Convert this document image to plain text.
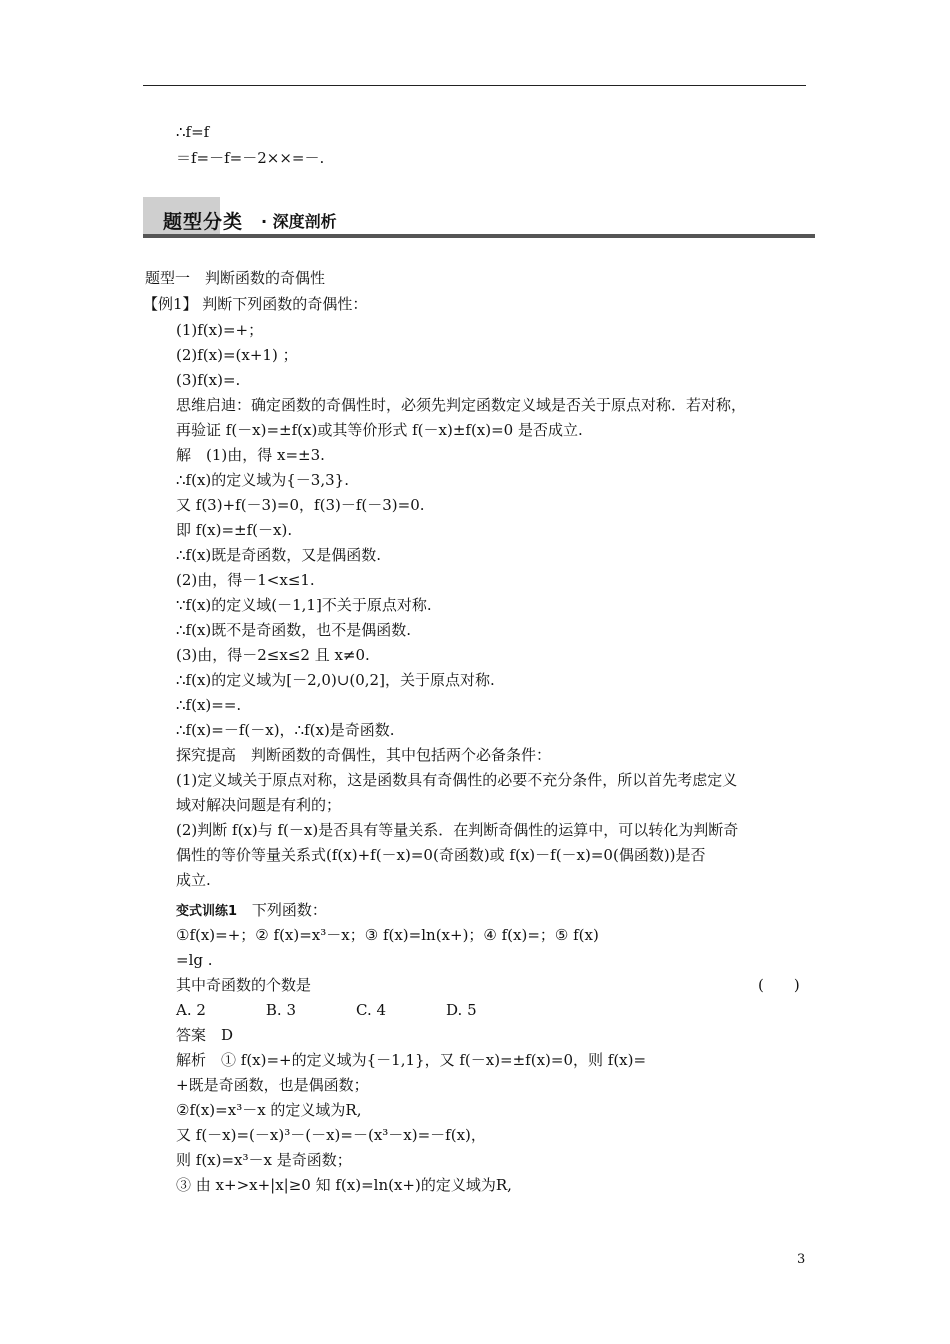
题型分类 · 深度剖析
∴f=f
＝f=－f=－2××=－.
题型一　判断函数的奇偶性
【例1】 判断下列函数的奇偶性：
(1)f(x)=+；
(2)f(x)=(x+1) ；
(3)f(x)=.
思维启迪：确定函数的奇偶性时，必须先判定函数定义域是否关于原点对称．若对称，
再验证 f(－x)=±f(x)或其等价形式 f(－x)±f(x)=0 是否成立.
解　(1)由，得 x=±3.
∴f(x)的定义域为{－3,3}.
又 f(3)+f(－3)=0，f(3)－f(－3)=0.
即 f(x)=±f(－x).
∴f(x)既是奇函数，又是偶函数.
(2)由，得－1<x≤1.
∵f(x)的定义域(－1,1]不关于原点对称.
∴f(x)既不是奇函数，也不是偶函数.
(3)由，得－2≤x≤2 且 x≠0.
∴f(x)的定义域为[－2,0)∪(0,2]，关于原点对称.
∴f(x)==.
∴f(x)=－f(－x)，∴f(x)是奇函数.
探究提高　判断函数的奇偶性，其中包括两个必备条件：
(1)定义域关于原点对称，这是函数具有奇偶性的必要不充分条件，所以首先考虑定义
域对解决问题是有利的；
(2)判断 f(x)与 f(－x)是否具有等量关系．在判断奇偶性的运算中，可以转化为判断奇
偶性的等价等量关系式(f(x)+f(－x)=0(奇函数)或 f(x)－f(－x)=0(偶函数))是否
成立.
①f(x)=+；② f(x)=x³－x；③ f(x)=ln(x+)；④ f(x)=；⑤ f(x)
=lg .
其中奇函数的个数是	(　　)
A. 2　　　　B. 3　　　　C. 4　　　　D. 5
答案　D
解析　① f(x)=+的定义域为{－1,1}，又 f(－x)=±f(x)=0，则 f(x)=
+既是奇函数，也是偶函数；
②f(x)=x³－x 的定义域为R,
又 f(－x)=(－x)³－(－x)=－(x³－x)=－f(x)，
则 f(x)=x³－x 是奇函数；
③ 由 x+>x+|x|≥0 知 f(x)=ln(x+)的定义域为R,
变式训练1 下列函数：
3
